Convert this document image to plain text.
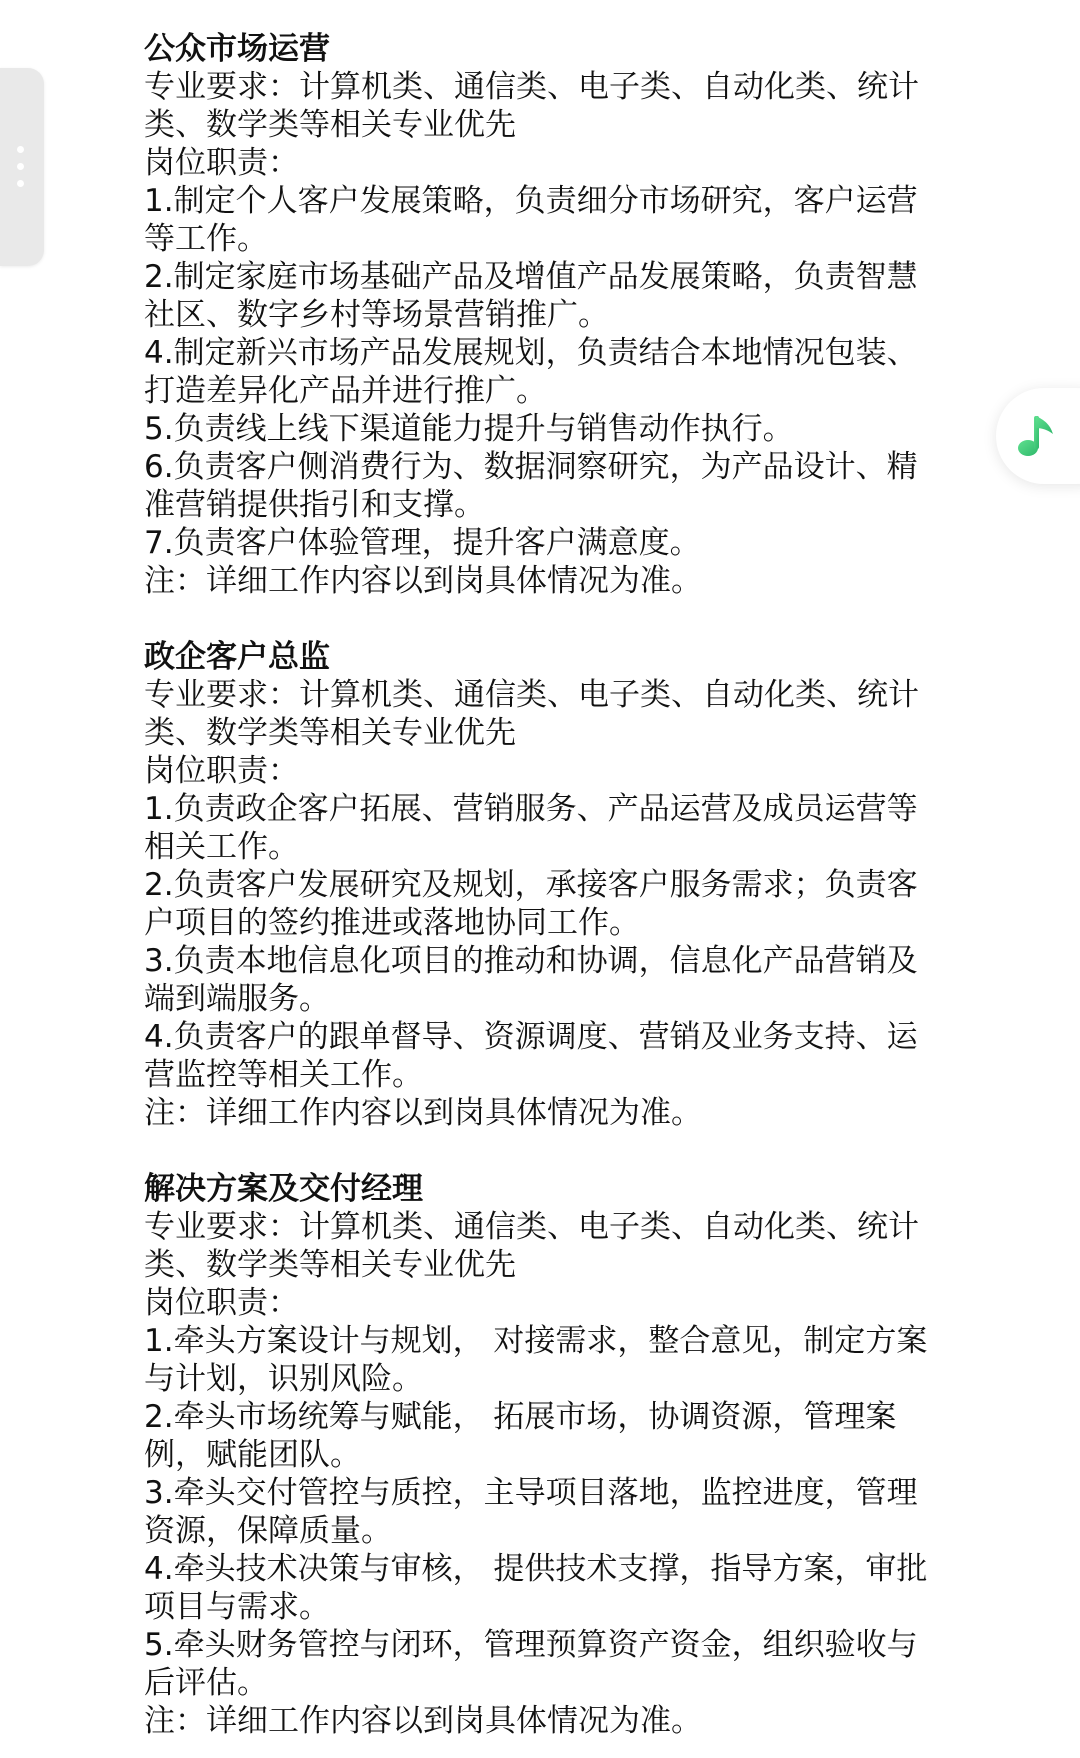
公众市场运营

专业要求：计算机类、通信类、电子类、自动化类、统计类、数学类等相关专业优先

岗位职责：

1.制定个人客户发展策略，负责细分市场研究，客户运营等工作。

2.制定家庭市场基础产品及增值产品发展策略，负责智慧社区、数字乡村等场景营销推广。

4.制定新兴市场产品发展规划，负责结合本地情况包装、打造差异化产品并进行推广。

5.负责线上线下渠道能力提升与销售动作执行。

6.负责客户侧消费行为、数据洞察研究，为产品设计、精准营销提供指引和支撑。

7.负责客户体验管理，提升客户满意度。

注：详细工作内容以到岗具体情况为准。

政企客户总监

专业要求：计算机类、通信类、电子类、自动化类、统计类、数学类等相关专业优先

岗位职责：

1.负责政企客户拓展、营销服务、产品运营及成员运营等相关工作。

2.负责客户发展研究及规划，承接客户服务需求；负责客户项目的签约推进或落地协同工作。

3.负责本地信息化项目的推动和协调，信息化产品营销及端到端服务。

4.负责客户的跟单督导、资源调度、营销及业务支持、运营监控等相关工作。

注：详细工作内容以到岗具体情况为准。

解决方案及交付经理

专业要求：计算机类、通信类、电子类、自动化类、统计类、数学类等相关专业优先

岗位职责：

1.牵头方案设计与规划， 对接需求，整合意见，制定方案与计划，识别风险。

2.牵头市场统筹与赋能， 拓展市场，协调资源，管理案例，赋能团队。

3.牵头交付管控与质控，主导项目落地，监控进度，管理资源，保障质量。

4.牵头技术决策与审核， 提供技术支撑，指导方案，审批项目与需求。

5.牵头财务管控与闭环，管理预算资产资金，组织验收与后评估。

注：详细工作内容以到岗具体情况为准。
